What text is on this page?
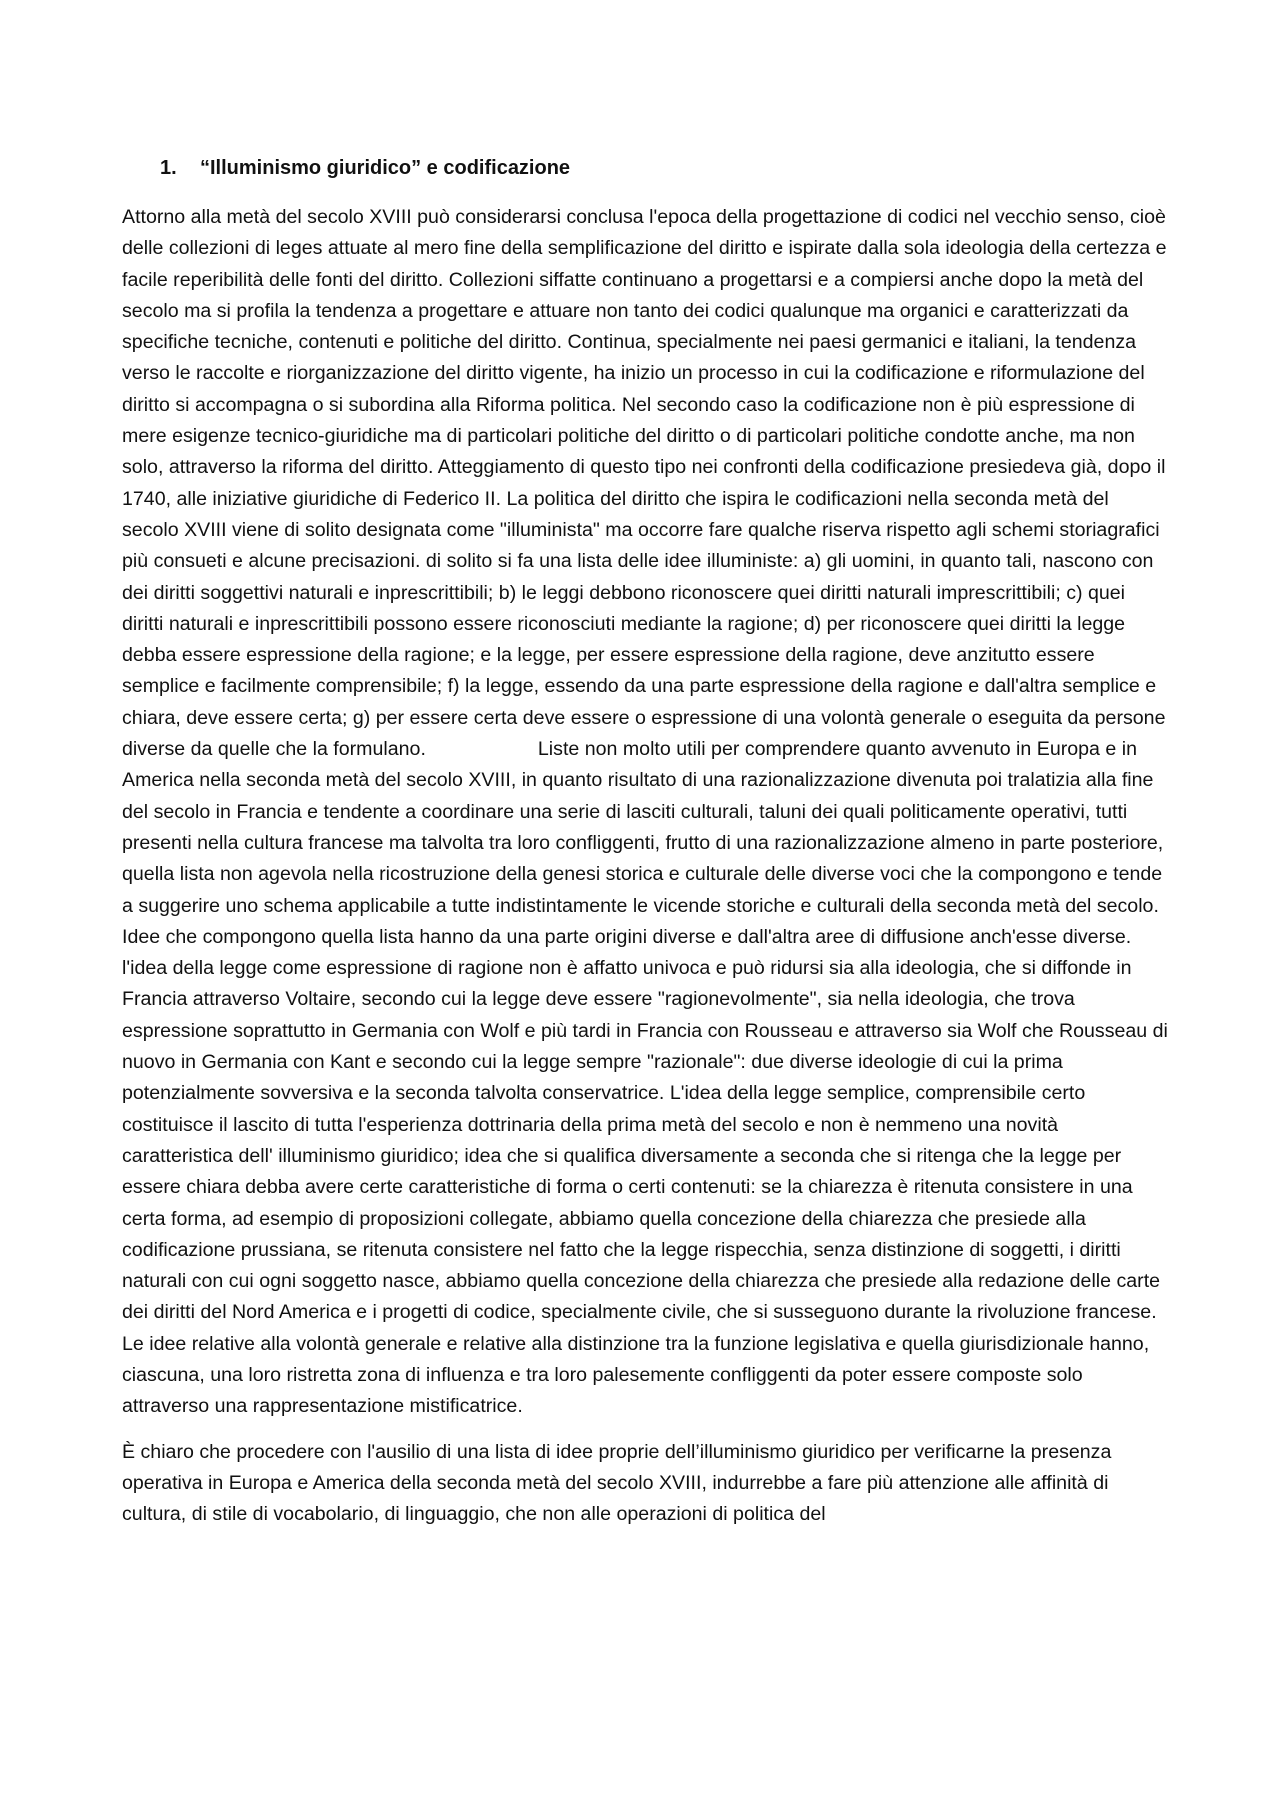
1.	“Illuminismo giuridico” e codificazione

Attorno alla metà del secolo XVIII può considerarsi conclusa l'epoca della progettazione di codici nel vecchio senso, cioè delle collezioni di leges attuate al mero fine della semplificazione del diritto e ispirate dalla sola ideologia della certezza e facile reperibilità delle fonti del diritto. Collezioni siffatte continuano a progettarsi e a compiersi anche dopo la metà del secolo ma si profila la tendenza a progettare e attuare non tanto dei codici qualunque ma organici e caratterizzati da specifiche tecniche, contenuti e politiche del diritto. Continua, specialmente nei paesi germanici e italiani, la tendenza verso le raccolte e riorganizzazione del diritto vigente, ha inizio un processo in cui la codificazione e riformulazione del diritto si accompagna o si subordina alla Riforma politica. Nel secondo caso la codificazione non è più espressione di mere esigenze tecnico-giuridiche ma di particolari politiche del diritto o di particolari politiche condotte anche, ma non solo, attraverso la riforma del diritto. Atteggiamento di questo tipo nei confronti della codificazione presiedeva già, dopo il 1740, alle iniziative giuridiche di Federico II. La politica del diritto che ispira le codificazioni nella seconda metà del secolo XVIII viene di solito designata come "illuminista" ma occorre fare qualche riserva rispetto agli schemi storiagrafici più consueti e alcune precisazioni. di solito si fa una lista delle idee illuministe: a) gli uomini, in quanto tali, nascono con dei diritti soggettivi naturali e inprescrittibili; b) le leggi debbono riconoscere quei diritti naturali imprescrittibili; c) quei diritti naturali e inprescrittibili possono essere riconosciuti mediante la ragione; d) per riconoscere quei diritti la legge debba essere espressione della ragione; e la legge, per essere espressione della ragione, deve anzitutto essere semplice e facilmente comprensibile; f) la legge, essendo da una parte espressione della ragione e dall'altra semplice e chiara, deve essere certa; g) per essere certa deve essere o espressione di una volontà generale o eseguita da persone diverse da quelle che la formulano.	Liste non molto utili per comprendere quanto avvenuto in Europa e in America nella seconda metà del secolo XVIII, in quanto risultato di una razionalizzazione divenuta poi tralatizia alla fine del secolo in Francia e tendente a coordinare una serie di lasciti culturali, taluni dei quali politicamente operativi, tutti presenti nella cultura francese ma talvolta tra loro confliggenti, frutto di una razionalizzazione almeno in parte posteriore, quella lista non agevola nella ricostruzione della genesi storica e culturale delle diverse voci che la compongono e tende a suggerire uno schema applicabile a tutte indistintamente le vicende storiche e culturali della seconda metà del secolo. Idee che compongono quella lista hanno da una parte origini diverse e dall'altra aree di diffusione anch'esse diverse. l'idea della legge come espressione di ragione non è affatto univoca e può ridursi sia alla ideologia, che si diffonde in Francia attraverso Voltaire, secondo cui la legge deve essere "ragionevolmente", sia nella ideologia, che trova espressione soprattutto in Germania con Wolf e più tardi in Francia con Rousseau e attraverso sia Wolf che Rousseau di nuovo in Germania con Kant e secondo cui la legge sempre "razionale": due diverse ideologie di cui la prima potenzialmente sovversiva e la seconda talvolta conservatrice. L'idea della legge semplice, comprensibile certo costituisce il lascito di tutta l'esperienza dottrinaria della prima metà del secolo e non è nemmeno una novità caratteristica dell' illuminismo giuridico; idea che si qualifica diversamente a seconda che si ritenga che la legge per essere chiara debba avere certe caratteristiche di forma o certi contenuti: se la chiarezza è ritenuta consistere in una certa forma, ad esempio di proposizioni collegate, abbiamo quella concezione della chiarezza che presiede alla codificazione prussiana, se ritenuta consistere nel fatto che la legge rispecchia, senza distinzione di soggetti, i diritti naturali con cui ogni soggetto nasce, abbiamo quella concezione della chiarezza che presiede alla redazione delle carte dei diritti del Nord America e i progetti di codice, specialmente civile, che si susseguono durante la rivoluzione francese. Le idee relative alla volontà generale e relative alla distinzione tra la funzione legislativa e quella giurisdizionale hanno, ciascuna, una loro ristretta zona di influenza e tra loro palesemente confliggenti da poter essere composte solo attraverso una rappresentazione mistificatrice.

È chiaro che procedere con l'ausilio di una lista di idee proprie dell’illuminismo giuridico per verificarne la presenza operativa in Europa e America della seconda metà del secolo XVIII, indurrebbe a fare più attenzione alle affinità di cultura, di stile di vocabolario, di linguaggio, che non alle operazioni di politica del
